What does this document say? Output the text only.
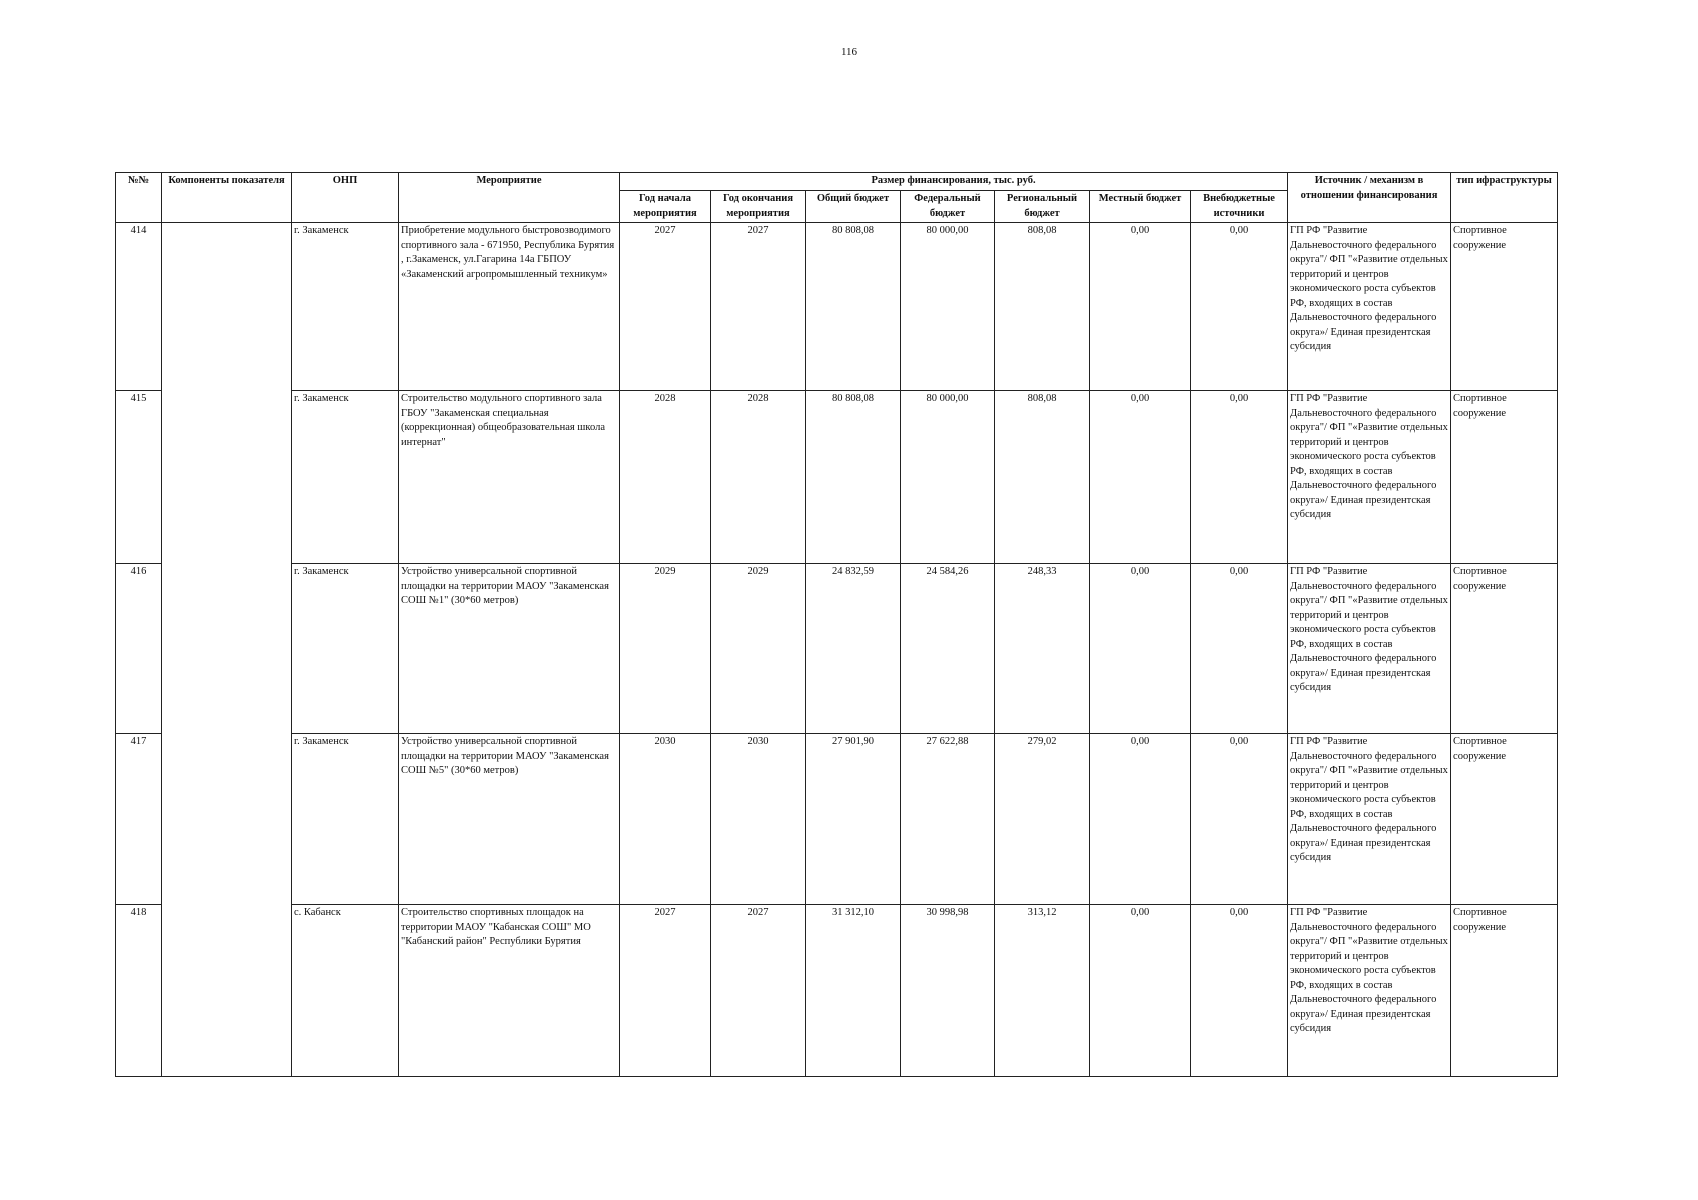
116
№№	Компоненты показателя	ОНП	Мероприятие	Размер финансирования, тыс. руб.							Источник / механизм в отношении финансирования	тип ифраструктуры
				Год начала мероприятия	Год окончания мероприятия	Общий бюджет	Федеральный бюджет	Региональный бюджет	Местный бюджет	Внебюджетные источники		
414		г. Закаменск	Приобретение модульного быстровозводимого спортивного зала - 671950, Республика Бурятия , г.Закаменск, ул.Гагарина 14а ГБПОУ «Закаменский агропромышленный техникум»	2027	2027	80 808,08	80 000,00	808,08	0,00	0,00	ГП РФ "Развитие Дальневосточного федерального округа"/ ФП "«Развитие отдельных территорий и центров экономического роста субъектов РФ, входящих в состав Дальневосточного федерального округа»/ Единая президентская субсидия	Спортивное сооружение
415		г. Закаменск	Строительство модульного спортивного зала ГБОУ "Закаменская специальная (коррекционная) общеобразовательная школа интернат"	2028	2028	80 808,08	80 000,00	808,08	0,00	0,00	ГП РФ "Развитие Дальневосточного федерального округа"/ ФП "«Развитие отдельных территорий и центров экономического роста субъектов РФ, входящих в состав Дальневосточного федерального округа»/ Единая президентская субсидия	Спортивное сооружение
416		г. Закаменск	Устройство универсальной спортивной площадки на территории МАОУ "Закаменская СОШ №1" (30*60 метров)	2029	2029	24 832,59	24 584,26	248,33	0,00	0,00	ГП РФ "Развитие Дальневосточного федерального округа"/ ФП "«Развитие отдельных территорий и центров экономического роста субъектов РФ, входящих в состав Дальневосточного федерального округа»/ Единая президентская субсидия	Спортивное сооружение
417		г. Закаменск	Устройство универсальной спортивной площадки на территории МАОУ "Закаменская СОШ №5" (30*60 метров)	2030	2030	27 901,90	27 622,88	279,02	0,00	0,00	ГП РФ "Развитие Дальневосточного федерального округа"/ ФП "«Развитие отдельных территорий и центров экономического роста субъектов РФ, входящих в состав Дальневосточного федерального округа»/ Единая президентская субсидия	Спортивное сооружение
418		с. Кабанск	Строительство спортивных площадок на территории МАОУ "Кабанская СОШ" МО "Кабанский район" Республики Бурятия	2027	2027	31 312,10	30 998,98	313,12	0,00	0,00	ГП РФ "Развитие Дальневосточного федерального округа"/ ФП "«Развитие отдельных территорий и центров экономического роста субъектов РФ, входящих в состав Дальневосточного федерального округа»/ Единая президентская субсидия	Спортивное сооружение
